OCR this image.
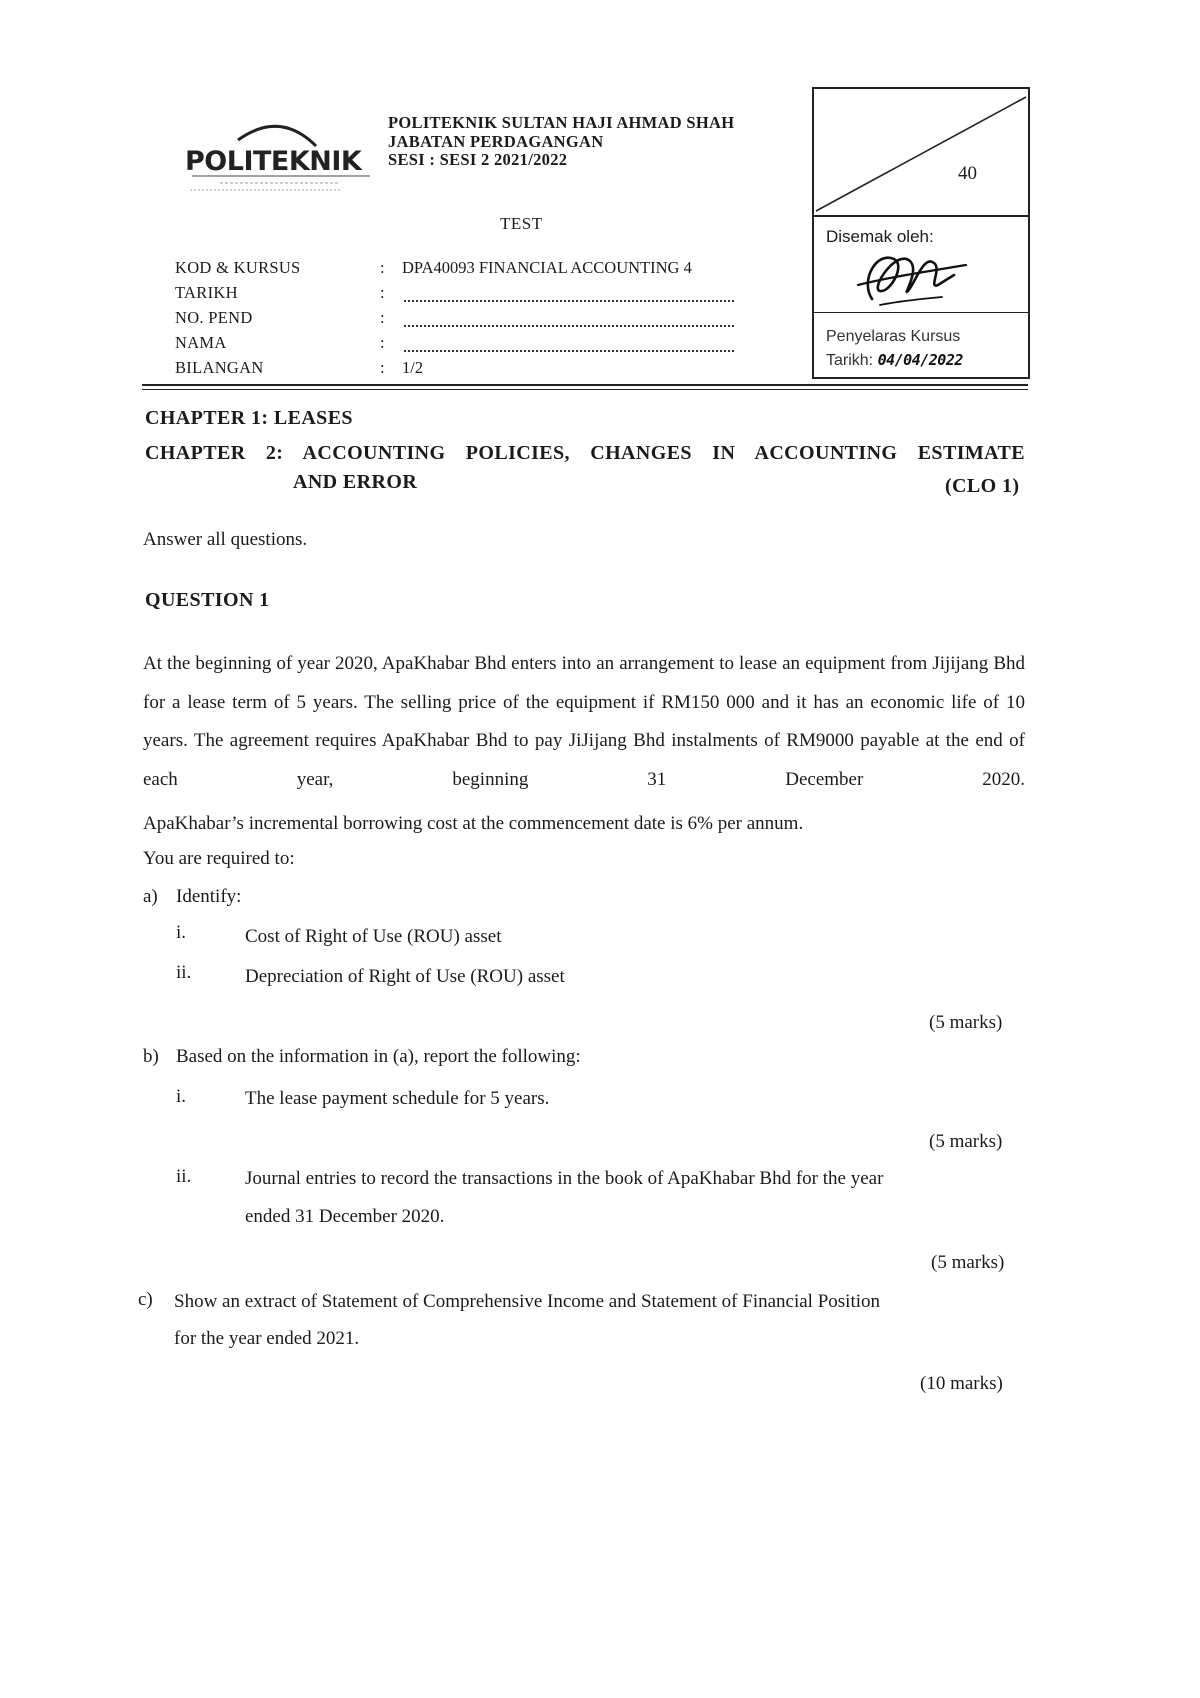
POLITEKNIK
POLITEKNIK SULTAN HAJI AHMAD SHAH
JABATAN PERDAGANGAN
SESI : SESI 2 2021/2022
40
TEST
Disemak oleh:
Penyelaras Kursus
Tarikh: 04/04/2022
KOD & KURSUS	: DPA40093 FINANCIAL ACCOUNTING 4
TARIKH	:
NO. PEND	:
NAMA	:
BILANGAN	: 1/2
CHAPTER 1: LEASES
CHAPTER 2: ACCOUNTING POLICIES, CHANGES IN ACCOUNTING ESTIMATE
AND ERROR	(CLO 1)
Answer all questions.
QUESTION 1
At the beginning of year 2020, ApaKhabar Bhd enters into an arrangement to lease an equipment from Jijijang Bhd for a lease term of 5 years. The selling price of the equipment if RM150 000 and it has an economic life of 10 years. The agreement requires ApaKhabar Bhd to pay JiJijang Bhd instalments of RM9000 payable at the end of each year, beginning 31 December 2020.
ApaKhabar’s incremental borrowing cost at the commencement date is 6% per annum.
You are required to:
a) Identify:
i.	Cost of Right of Use (ROU) asset
ii.	Depreciation of Right of Use (ROU) asset
(5 marks)
b) Based on the information in (a), report the following:
i.	The lease payment schedule for 5 years.
(5 marks)
ii.	Journal entries to record the transactions in the book of ApaKhabar Bhd for the year
ended 31 December 2020.
(5 marks)
c) Show an extract of Statement of Comprehensive Income and Statement of Financial Position
for the year ended 2021.
(10 marks)
